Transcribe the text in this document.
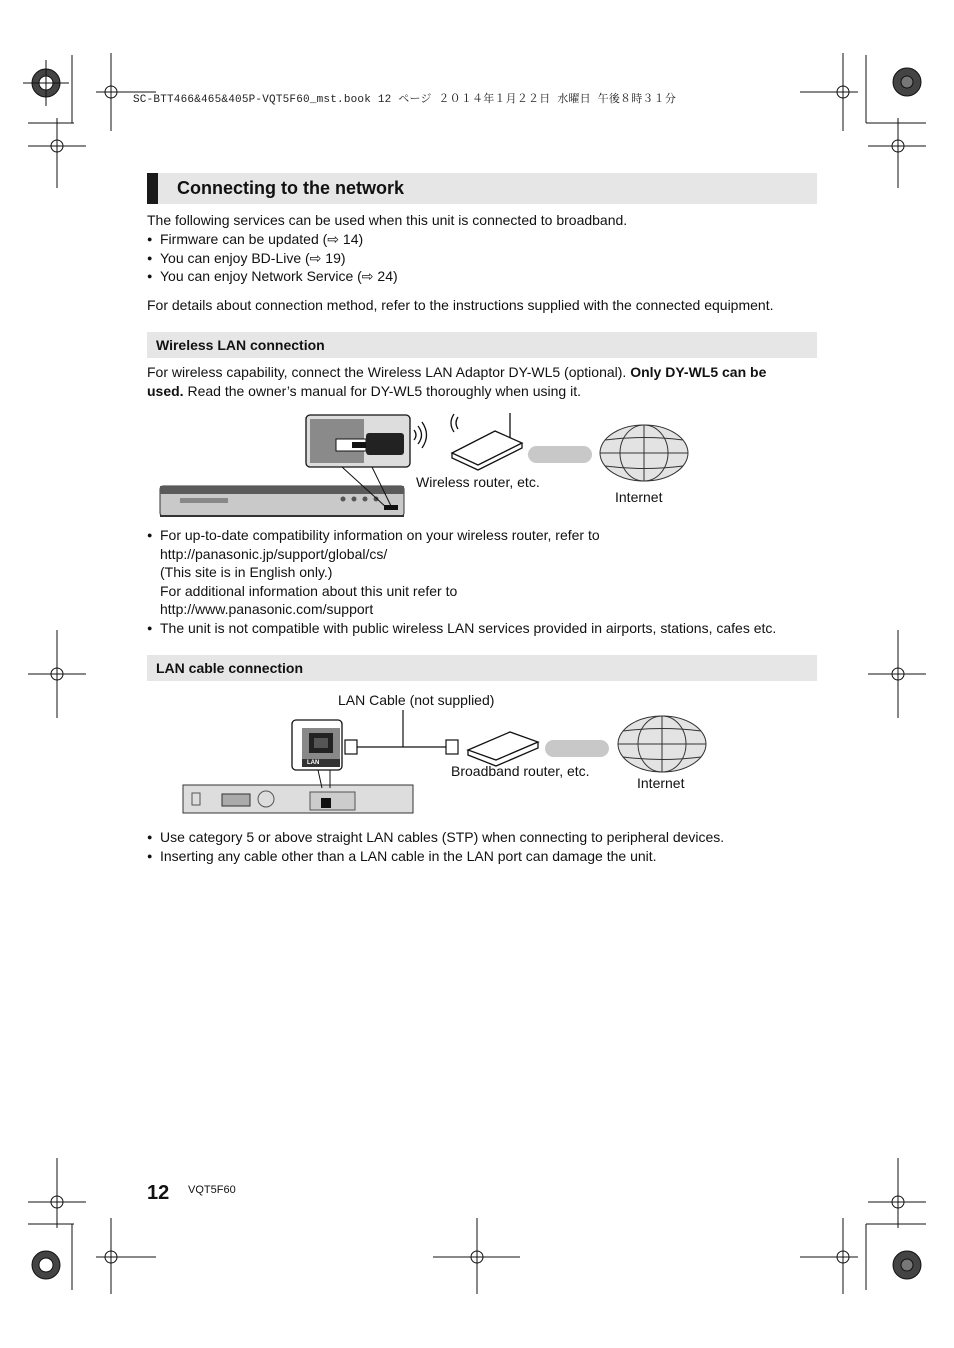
SC-BTT466&465&405P-VQT5F60_mst.book 12 ページ ２０１４年１月２２日 水曜日 午後８時３１分
Connecting to the network
The following services can be used when this unit is connected to broadband.
● Firmware can be updated (⇨ 14)
● You can enjoy BD-Live (⇨ 19)
● You can enjoy Network Service (⇨ 24)
For details about connection method, refer to the instructions supplied with the connected equipment.
Wireless LAN connection
For wireless capability, connect the Wireless LAN Adaptor DY-WL5 (optional). Only DY-WL5 can be
used. Read the owner’s manual for DY-WL5 thoroughly when using it.
Wireless router, etc.
Internet
● For up-to-date compatibility information on your wireless router, refer to
http://panasonic.jp/support/global/cs/
(This site is in English only.)
For additional information about this unit refer to
http://www.panasonic.com/support
● The unit is not compatible with public wireless LAN services provided in airports, stations, cafes etc.
LAN cable connection
LAN Cable (not supplied)
LAN	Broadband router, etc.
Internet
● Use category 5 or above straight LAN cables (STP) when connecting to peripheral devices.
● Inserting any cable other than a LAN cable in the LAN port can damage the unit.
12 VQT5F60
